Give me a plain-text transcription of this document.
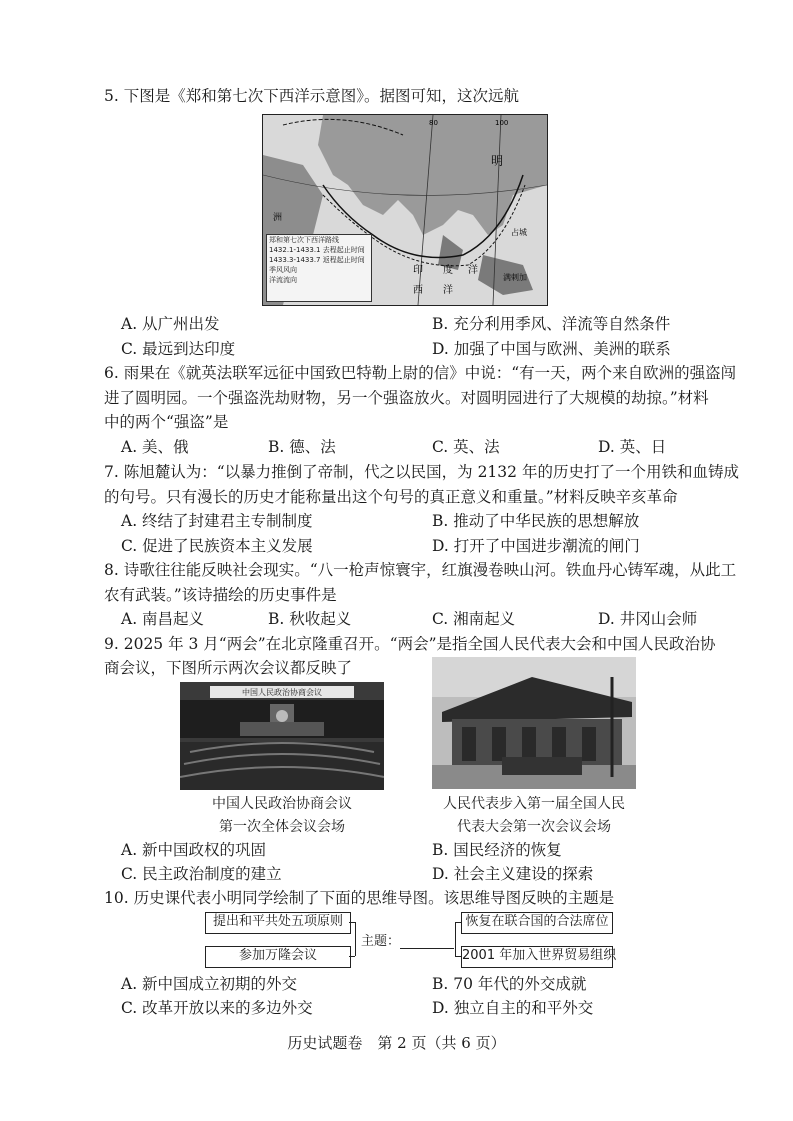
5. 下图是《郑和第七次下西洋示意图》。据图可知，这次远航
80	100
明
西 洋
印 度 洋
洲
占城
满剌加
郑和第七次下西洋路线
1432.1-1433.1 去程起止时间
1433.3-1433.7 返程起止时间
季风风向
洋流流向
A. 从广州出发	B. 充分利用季风、洋流等自然条件
C. 最远到达印度	D. 加强了中国与欧洲、美洲的联系
6. 雨果在《就英法联军远征中国致巴特勒上尉的信》中说：“有一天，两个来自欧洲的强盗闯
进了圆明园。一个强盗洗劫财物，另一个强盗放火。对圆明园进行了大规模的劫掠。”材料
中的两个“强盗”是
A. 美、俄	B. 德、法	C. 英、法	D. 英、日
7. 陈旭麓认为：“以暴力推倒了帝制，代之以民国，为 2132 年的历史打了一个用铁和血铸成
的句号。只有漫长的历史才能称量出这个句号的真正意义和重量。”材料反映辛亥革命
A. 终结了封建君主专制制度	B. 推动了中华民族的思想解放
C. 促进了民族资本主义发展	D. 打开了中国进步潮流的闸门
8. 诗歌往往能反映社会现实。“八一枪声惊寰宇，红旗漫卷映山河。铁血丹心铸军魂，从此工
农有武装。”该诗描绘的历史事件是
A. 南昌起义	B. 秋收起义	C. 湘南起义	D. 井冈山会师
9. 2025 年 3 月“两会”在北京隆重召开。“两会”是指全国人民代表大会和中国人民政治协
商会议，下图所示两次会议都反映了
中国人民政治协商会议
中国人民政治协商会议
第一次全体会议会场
人民代表步入第一届全国人民
代表大会第一次会议会场
A. 新中国政权的巩固	B. 国民经济的恢复
C. 民主政治制度的建立	D. 社会主义建设的探索
10. 历史课代表小明同学绘制了下面的思维导图。该思维导图反映的主题是
提出和平共处五项原则
参加万隆会议
恢复在联合国的合法席位
2001 年加入世界贸易组织
主题：
A. 新中国成立初期的外交	B. 70 年代的外交成就
C. 改革开放以来的多边外交	D. 独立自主的和平外交
历史试题卷　第 2 页（共 6 页）
